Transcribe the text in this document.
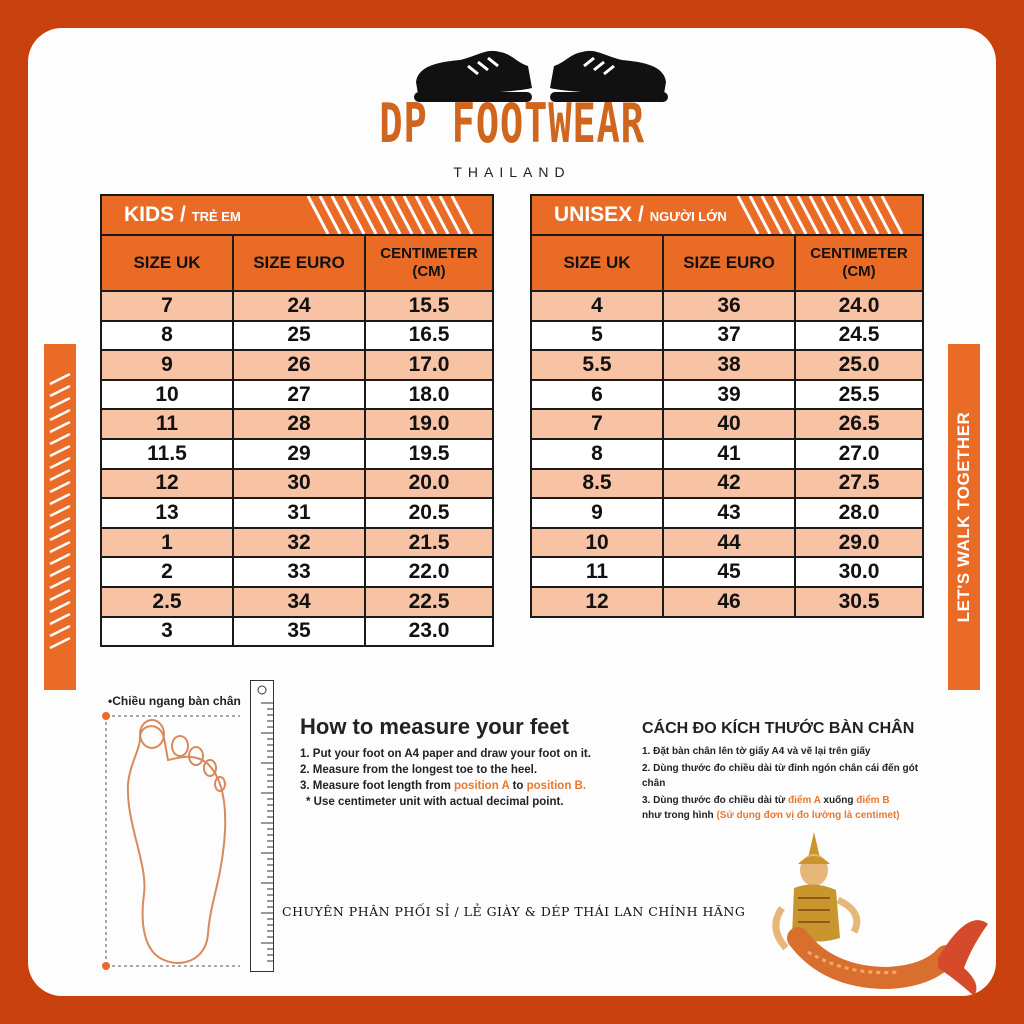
DP FOOTWEAR
THAILAND
LET'S WALK TOGETHER
KIDS / TRẺ EM		

SIZE UK	SIZE EURO	CENTIMETER
(CM)
7	24	15.5
8	25	16.5
9	26	17.0
10	27	18.0
11	28	19.0
11.5	29	19.5
12	30	20.0
13	31	20.5
1	32	21.5
2	33	22.0
2.5	34	22.5
3	35	23.0
UNISEX / NGƯỜI LỚN		

SIZE UK	SIZE EURO	CENTIMETER
(CM)
4	36	24.0
5	37	24.5
5.5	38	25.0
6	39	25.5
7	40	26.5
8	41	27.0
8.5	42	27.5
9	43	28.0
10	44	29.0
11	45	30.0
12	46	30.5
•Chiều ngang bàn chân
How to measure your feet

1. Put your foot on A4 paper and draw your foot on it.

2. Measure from the longest toe to the heel.

3. Measure foot length from position A to position B.

* Use centimeter unit with actual decimal point.

CÁCH ĐO KÍCH THƯỚC BÀN CHÂN

1. Đặt bàn chân lên tờ giấy A4 và vẽ lại trên giấy

2. Dùng thước đo chiều dài từ đỉnh ngón chân cái đến gót chân

3. Dùng thước đo chiều dài từ điểm A xuống điểm B
như trong hình (Sử dụng đơn vị đo lường là centimet)

CHUYÊN PHÂN PHỐI SỈ / LẺ GIÀY & DÉP THÁI LAN CHÍNH HÃNG
